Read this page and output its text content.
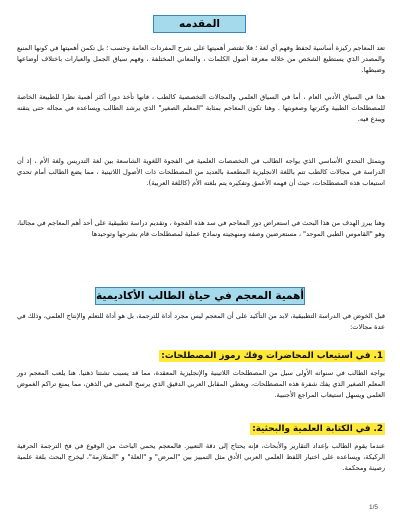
المقدمه
تعد المعاجم ركيزة أساسية لحفظ وفهم أي لغة ؛ فلا تقتصر أهميتها على شرح المفردات العامة وحسب ؛ بل تكمن أهميتها في كونها المنبع والمصدر الذي يستطيع الشخص من خلاله معرفة أصول الكلمات ، والمعاني المختلفة ، وفهم سياق الجمل والعبارات باختلاف أوضاعها وضبطها.
هذا في السياق الأدبي العام ، أما في السياق العلمي والمجالات التخصصية كالطب ، فانها تأخذ دورا أكثر أهمية نظرا للطبيعة الخاصة للمصطلحات الطبية وكثرتها وصعوبتها . وهنا تكون المعاجم بمثابة "المعلم الصغير" الذي يرشد الطالب ويساعده في مجاله حتى يتقنه ويبدع فيه.
ويتمثل التحدي الأساسي الذي يواجه الطالب في التخصصات العلمية في الفجوة اللغوية الشاسعة بين لغة التدريس ولغة الأم ، إذ أن الدراسة في مجالات كالطب تتم باللغة الانجليزية المطعمة بالعديد من المصطلحات ذات الأصول اللاتينية ، مما يضع الطالب أمام تحدي استيعاب هذه المصطلحات، حيث أن فهمه الأعمق وتفكيره يتم بلغته الأم (كاللغة العربية).
وهنا يبرز الهدف من هذا البحث في استعراض دور المعاجم في سد هذه الفجوة ، وتقديم دراسة تطبيقية على أحد أهم المعاجم في مجالنا، وهو "القاموس الطبي الموحد" ، مستعرضين وصفه ومنهجيته ونماذج عملية لمصطلحات قام بشرحها وتوحيدها
أهمية المعجم في حياة الطالب الأكاديمية
قبل الخوض في الدراسة التطبيقية، لابد من التأكيد على أن المعجم ليس مجرد أداة للترجمة، بل هو أداة للتعلم والإنتاج العلمي، وذلك في عدة مجالات:
1. في استيعاب المحاضرات وفك رموز المصطلحات:
يواجه الطالب في سنواته الأولى سيل من المصطلحات اللاتينية والإنجليزية المعقدة، مما قد يسبب تشتتا ذهنيا. هنا يلعب المعجم دور المعلم الصغير الذي يفك شفرة هذه المصطلحات، ويعطي المقابل العربي الدقيق الذي يرسخ المعنى في الذهن، مما يمنع تراكم الغموض العلمي ويسهل استيعاب المراجع الأجنبية.
2. في الكتابة العلمية والبحثية:
عندما يقوم الطالب بإعداد التقارير والأبحاث، فإنه يحتاج إلى دقة التعبير. فالمعجم يحمي الباحث من الوقوع في فخ الترجمة الحرفية الركيكة، ويساعده على اختيار اللفظ العلمي العربي الأدق مثل التمييز بين "المرض" و "العلة" و "المتلازمة"، ليخرج البحث بلغة علمية رصينة ومحكمة.
1/5
